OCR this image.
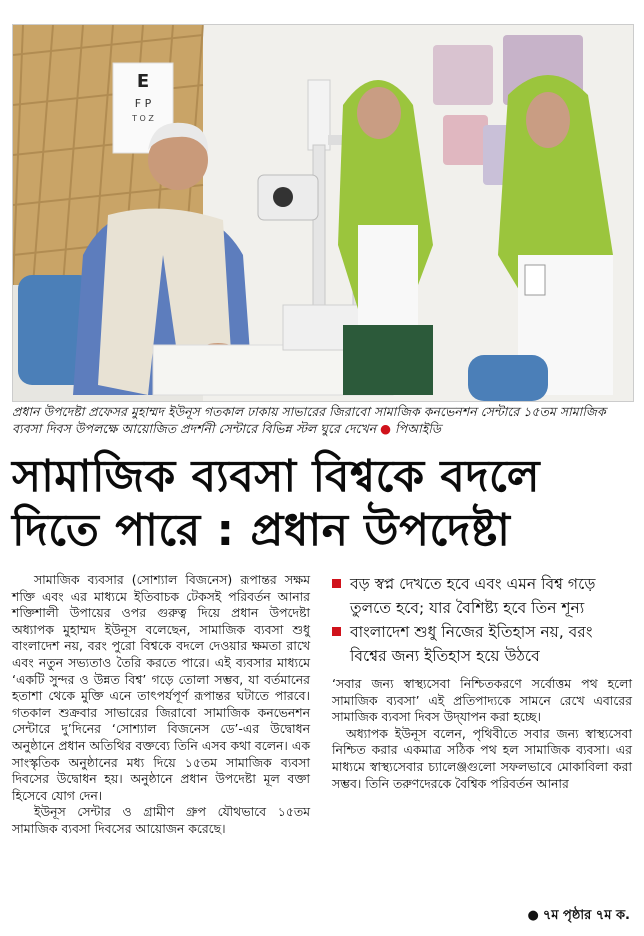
E
F P
T O Z
প্রধান উপদেষ্টা প্রফেসর মুহাম্মদ ইউনূস গতকাল ঢাকায় সাভারের জিরাবো সামাজিক কনভেনশন সেন্টারে ১৫তম সামাজিক ব্যবসা দিবস উপলক্ষে আয়োজিত প্রদর্শনী সেন্টারে বিভিন্ন স্টল ঘুরে দেখেন ● পিআইডি
সামাজিক ব্যবসা বিশ্বকে বদলে
দিতে পারে : প্রধান উপদেষ্টা

সামাজিক ব্যবসার (সোশ্যাল বিজনেস) রূপান্তর সক্ষম শক্তি এবং এর মাধ্যমে ইতিবাচক টেকসই পরিবর্তন আনার শক্তিশালী উপায়ের ওপর গুরুত্ব দিয়ে প্রধান উপদেষ্টা অধ্যাপক মুহাম্মদ ইউনূস বলেছেন, সামাজিক ব্যবসা শুধু বাংলাদেশ নয়, বরং পুরো বিশ্বকে বদলে দেওয়ার ক্ষমতা রাখে এবং নতুন সভ্যতাও তৈরি করতে পারে। এই ব্যবসার মাধ্যমে ‘একটি সুন্দর ও উন্নত বিশ্ব’ গড়ে তোলা সম্ভব, যা বর্তমানের হতাশা থেকে মুক্তি এনে তাৎপর্যপূর্ণ রূপান্তর ঘটাতে পারবে। গতকাল শুক্রবার সাভারের জিরাবো সামাজিক কনভেনশন সেন্টারে দু’দিনের ‘সোশ্যাল বিজনেস ডে’-এর উদ্বোধন অনুষ্ঠানে প্রধান অতিথির বক্তব্যে তিনি এসব কথা বলেন। এক সাংস্কৃতিক অনুষ্ঠানের মধ্য দিয়ে ১৫তম সামাজিক ব্যবসা দিবসের উদ্বোধন হয়। অনুষ্ঠানে প্রধান উপদেষ্টা মূল বক্তা হিসেবে যোগ দেন।

ইউনূস সেন্টার ও গ্রামীণ গ্রুপ যৌথভাবে ১৫তম সামাজিক ব্যবসা দিবসের আয়োজন করেছে।

বড় স্বপ্ন দেখতে হবে এবং এমন বিশ্ব গড়ে তুলতে হবে; যার বৈশিষ্ট্য হবে তিন শূন্য
বাংলাদেশ শুধু নিজের ইতিহাস নয়, বরং বিশ্বের জন্য ইতিহাস হয়ে উঠবে

‘সবার জন্য স্বাস্থ্যসেবা নিশ্চিতকরণে সর্বোত্তম পথ হলো সামাজিক ব্যবসা’ এই প্রতিপাদ্যকে সামনে রেখে এবারের সামাজিক ব্যবসা দিবস উদ্‌যাপন করা হচ্ছে।

অধ্যাপক ইউনূস বলেন, পৃথিবীতে সবার জন্য স্বাস্থ্যসেবা নিশ্চিত করার একমাত্র সঠিক পথ হল সামাজিক ব্যবসা। এর মাধ্যমে স্বাস্থ্যসেবার চ্যালেঞ্জগুলো সফলভাবে মোকাবিলা করা সম্ভব। তিনি তরুণদেরকে বৈশ্বিক পরিবর্তন আনার

● ৭ম পৃষ্ঠার ৭ম ক.
